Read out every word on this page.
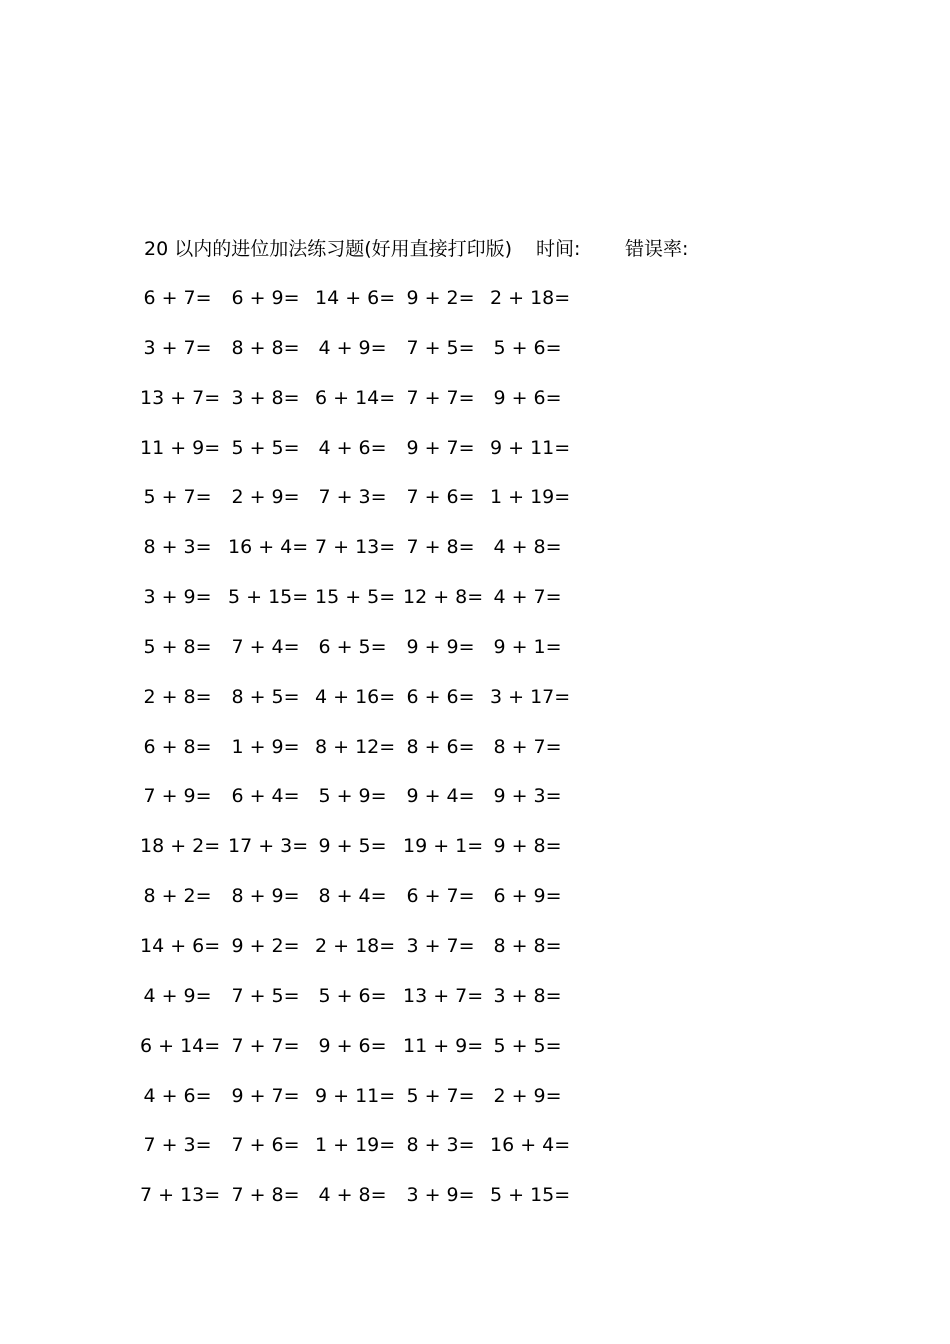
20 以内的进位加法练习题(好用直接打印版) 时间: 错误率:
6 + 7= 6 + 9= 14 + 6= 9 + 2= 2 + 18=
3 + 7= 8 + 8= 4 + 9= 7 + 5= 5 + 6=
13 + 7= 3 + 8= 6 + 14= 7 + 7= 9 + 6=
11 + 9= 5 + 5= 4 + 6= 9 + 7= 9 + 11=
5 + 7= 2 + 9= 7 + 3= 7 + 6= 1 + 19=
8 + 3= 16 + 4= 7 + 13= 7 + 8= 4 + 8=
3 + 9= 5 + 15= 15 + 5= 12 + 8= 4 + 7=
5 + 8= 7 + 4= 6 + 5= 9 + 9= 9 + 1=
2 + 8= 8 + 5= 4 + 16= 6 + 6= 3 + 17=
6 + 8= 1 + 9= 8 + 12= 8 + 6= 8 + 7=
7 + 9= 6 + 4= 5 + 9= 9 + 4= 9 + 3=
18 + 2= 17 + 3= 9 + 5= 19 + 1= 9 + 8=
8 + 2= 8 + 9= 8 + 4= 6 + 7= 6 + 9=
14 + 6= 9 + 2= 2 + 18= 3 + 7= 8 + 8=
4 + 9= 7 + 5= 5 + 6= 13 + 7= 3 + 8=
6 + 14= 7 + 7= 9 + 6= 11 + 9= 5 + 5=
4 + 6= 9 + 7= 9 + 11= 5 + 7= 2 + 9=
7 + 3= 7 + 6= 1 + 19= 8 + 3= 16 + 4=
7 + 13= 7 + 8= 4 + 8= 3 + 9= 5 + 15=
